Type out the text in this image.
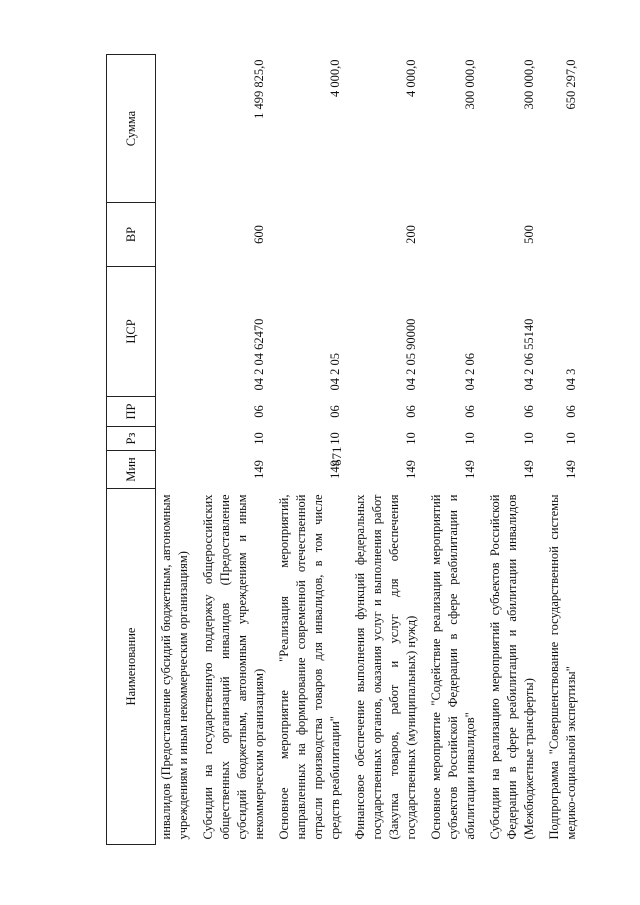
671
Наименование	Мин	Рз	ПР	ЦСР	ВР	Сумма
инвалидов (Предоставление субсидий бюджетным, автономным учреждениям и иным некоммерческим организациям)						
Субсидии на государственную поддержку общероссийских общественных организаций инвалидов (Предоставление субсидий бюджетным, автономным учреждениям и иным некоммерческим организациям)	149	10	06	04 2 04 62470	600	1 499 825,0
Основное мероприятие "Реализация мероприятий, направленных на формирование современной отечественной отрасли производства товаров для инвалидов, в том числе средств реабилитации"	149	10	06	04 2 05		4 000,0
Финансовое обеспечение выполнения функций федеральных государственных органов, оказания услуг и выполнения работ (Закупка товаров, работ и услуг для обеспечения государственных (муниципальных) нужд)	149	10	06	04 2 05 90000	200	4 000,0
Основное мероприятие "Содействие реализации мероприятий субъектов Российской Федерации в сфере реабилитации и абилитации инвалидов"	149	10	06	04 2 06		300 000,0
Субсидии на реализацию мероприятий субъектов Российской Федерации в сфере реабилитации и абилитации инвалидов (Межбюджетные трансферты)	149	10	06	04 2 06 55140	500	300 000,0
Подпрограмма "Совершенствование государственной системы медико-социальной экспертизы"	149	10	06	04 3		650 297,0
